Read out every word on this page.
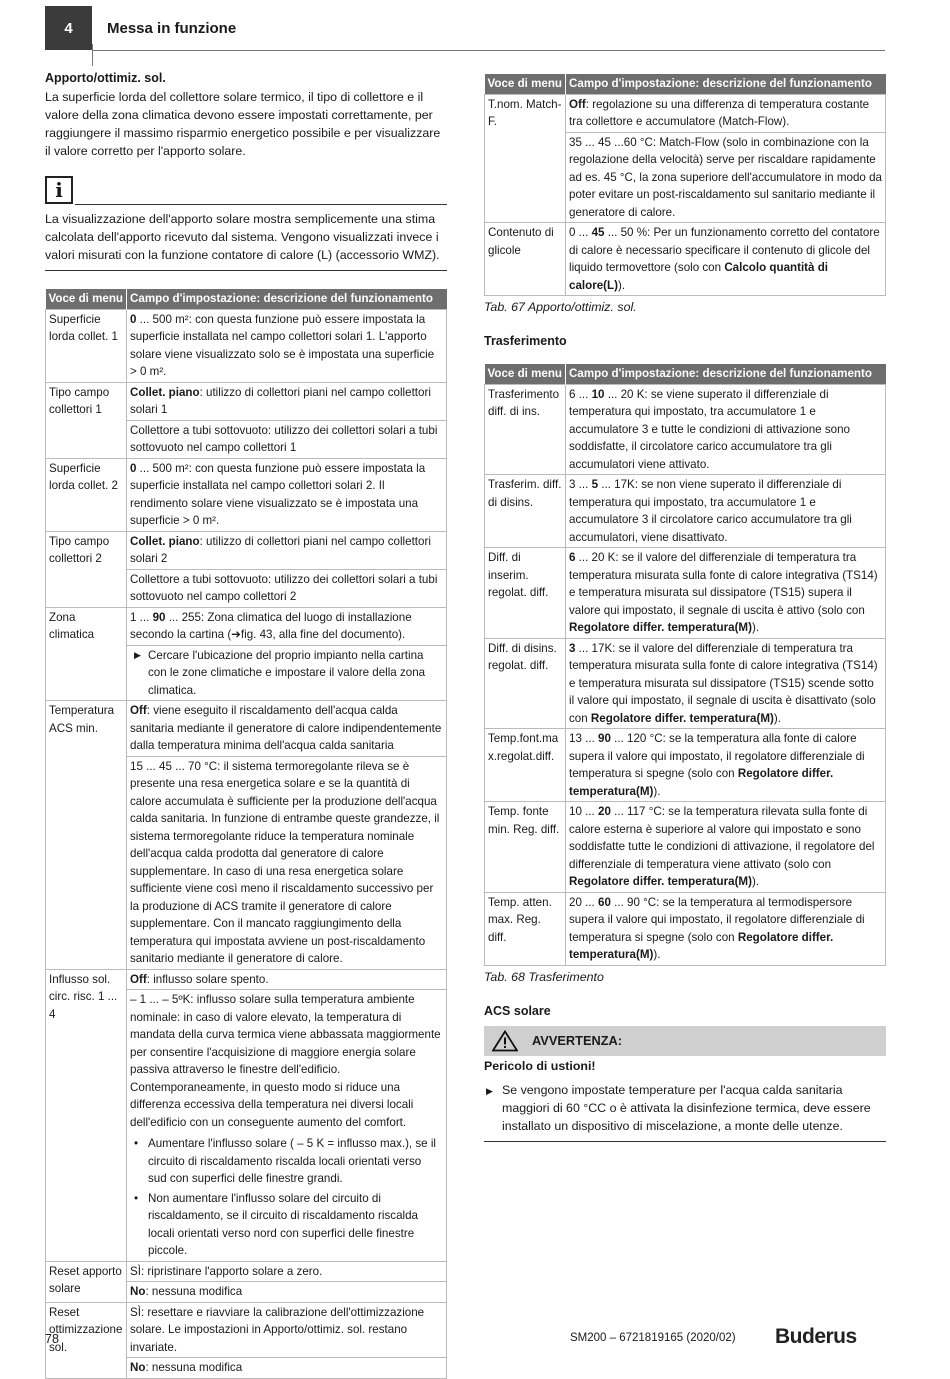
4	Messa in funzione

Apporto/ottimiz. sol.

La superficie lorda del collettore solare termico, il tipo di collettore e il valore della zona climatica devono essere impostati correttamente, per raggiungere il massimo risparmio energetico possibile e per visualizzare il valore corretto per l'apporto solare.

i
La visualizzazione dell'apporto solare mostra semplicemente una stima calcolata dell'apporto ricevuto dal sistema. Vengono visualizzati invece i valori misurati con la funzione contatore di calore (L) (accessorio WMZ).
Voce di menu	Campo d'impostazione: descrizione del funzionamento
Superficie lorda collet. 1	0 ... 500 m²: con questa funzione può essere impostata la superficie installata nel campo collettori solari 1. L'apporto solare viene visualizzato solo se è impostata una superficie > 0 m².
Tipo campo collettori 1	Collet. piano: utilizzo di collettori piani nel campo collettori solari 1
	Collettore a tubi sottovuoto: utilizzo dei collettori solari a tubi sottovuoto nel campo collettori 1
Superficie lorda collet. 2	0 ... 500 m²: con questa funzione può essere impostata la superficie installata nel campo collettori solari 2. Il rendimento solare viene visualizzato se è impostata una superficie > 0 m².
Tipo campo collettori 2	Collet. piano: utilizzo di collettori piani nel campo collettori solari 2
	Collettore a tubi sottovuoto: utilizzo dei collettori solari a tubi sottovuoto nel campo collettori 2
Zona climatica	1 ... 90 ... 255: Zona climatica del luogo di installazione secondo la cartina (➔fig. 43, alla fine del documento).

	▶ Cercare l'ubicazione del proprio impianto nella cartina con le zone climatiche e impostare il valore della zona climatica.

Temperatura ACS min.	Off: viene eseguito il riscaldamento dell'acqua calda sanitaria mediante il generatore di calore indipendentemente dalla temperatura minima dell'acqua calda sanitaria
	15 ... 45 ... 70 °C: il sistema termoregolante rileva se è presente una resa energetica solare e se la quantità di calore accumulata è sufficiente per la produzione dell'acqua calda sanitaria. In funzione di entrambe queste grandezze, il sistema termoregolante riduce la temperatura nominale dell'acqua calda prodotta dal generatore di calore supplementare. In caso di una resa energetica solare sufficiente viene così meno il riscaldamento successivo per la produzione di ACS tramite il generatore di calore supplementare. Con il mancato raggiungimento della temperatura qui impostata avviene un post-riscaldamento sanitario mediante il generatore di calore.
Influsso sol. circ. risc. 1 ... 4	Off: influsso solare spento.

	– 1 ... – 5ºK: influsso solare sulla temperatura ambiente nominale: in caso di valore elevato, la temperatura di mandata della curva termica viene abbassata maggiormente per consentire l'acquisizione di maggiore energia solare passiva attraverso le finestre dell'edificio. Contemporaneamente, in questo modo si riduce una differenza eccessiva della temperatura nei diversi locali dell'edificio con un conseguente aumento del comfort.
• Aumentare l'influsso solare ( – 5 K = influsso max.), se il circuito di riscaldamento riscalda locali orientati verso sud con superfici delle finestre grandi.
• Non aumentare l'influsso solare del circuito di riscaldamento, se il circuito di riscaldamento riscalda locali orientati verso nord con superfici delle finestre piccole.

Reset apporto solare	SÌ: ripristinare l'apporto solare a zero.
	No: nessuna modifica
Reset ottimizzazione sol.	SÌ: resettare e riavviare la calibrazione dell'ottimizzazione solare. Le impostazioni in Apporto/ottimiz. sol. restano invariate.
	No: nessuna modifica
Voce di menu	Campo d'impostazione: descrizione del funzionamento
T.nom. Match-F.	Off: regolazione su una differenza di temperatura costante tra collettore e accumulatore (Match-Flow).
	35 ... 45 ...60 °C: Match-Flow (solo in combinazione con la regolazione della velocità) serve per riscaldare rapidamente ad es. 45 °C, la zona superiore dell'accumulatore in modo da poter evitare un post-riscaldamento sul sanitario mediante il generatore di calore.
Contenuto di glicole	0 ... 45 ... 50 %: Per un funzionamento corretto del contatore di calore è necessario specificare il contenuto di glicole del liquido termovettore (solo con Calcolo quantità di calore(L)).

Tab. 67 Apporto/ottimiz. sol.

Trasferimento

Voce di menu	Campo d'impostazione: descrizione del funzionamento
Trasferimento diff. di ins.	6 ... 10 ... 20 K: se viene superato il differenziale di temperatura qui impostato, tra accumulatore 1 e accumulatore 3 e tutte le condizioni di attivazione sono soddisfatte, il circolatore carico accumulatore tra gli accumulatori viene attivato.
Trasferim. diff. di disins.	3 ... 5 ... 17K: se non viene superato il differenziale di temperatura qui impostato, tra accumulatore 1 e accumulatore 3 il circolatore carico accumulatore tra gli accumulatori, viene disattivato.
Diff. di inserim. regolat. diff.	6 ... 20 K: se il valore del differenziale di temperatura tra temperatura misurata sulla fonte di calore integrativa (TS14) e temperatura misurata sul dissipatore (TS15) supera il valore qui impostato, il segnale di uscita è attivo (solo con Regolatore differ. temperatura(M)).
Diff. di disins. regolat. diff.	3 ... 17K: se il valore del differenziale di temperatura tra temperatura misurata sulla fonte di calore integrativa (TS14) e temperatura misurata sul dissipatore (TS15) scende sotto il valore qui impostato, il segnale di uscita è disattivato (solo con Regolatore differ. temperatura(M)).
Temp.font.max.regolat.diff.	13 ... 90 ... 120 °C: se la temperatura alla fonte di calore supera il valore qui impostato, il regolatore differenziale di temperatura si spegne (solo con Regolatore differ. temperatura(M)).
Temp. fonte min. Reg. diff.	10 ... 20 ... 117 °C: se la temperatura rilevata sulla fonte di calore esterna è superiore al valore qui impostato e sono soddisfatte tutte le condizioni di attivazione, il regolatore del differenziale di temperatura viene attivato (solo con Regolatore differ. temperatura(M)).
Temp. atten. max. Reg. diff.	20 ... 60 ... 90 °C: se la temperatura al termodispersore supera il valore qui impostato, il regolatore differenziale di temperatura si spegne (solo con Regolatore differ. temperatura(M)).

Tab. 68 Trasferimento

ACS solare

AVVERTENZA:

Pericolo di ustioni!

▶ Se vengono impostate temperature per l'acqua calda sanitaria maggiori di 60 °CC o è attivata la disinfezione termica, deve essere installato un dispositivo di miscelazione, a monte delle utenze.
78	SM200 – 6721819165 (2020/02) Buderus
